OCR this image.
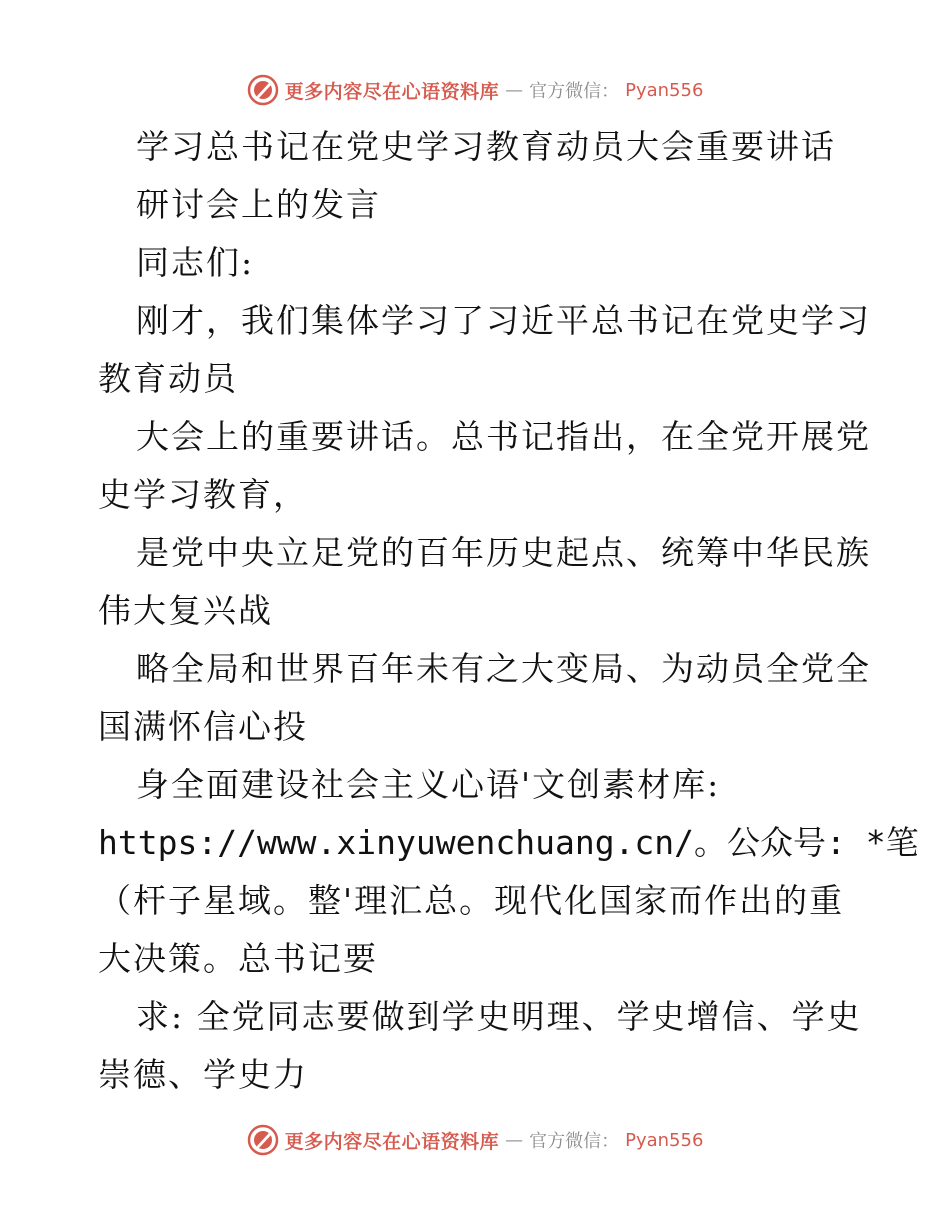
更多内容尽在心语资料库 — 官方微信： Pyan556
学习总书记在党史学习教育动员大会重要讲话
研讨会上的发言
同志们:
刚才，我们集体学习了习近平总书记在党史学习
教育动员
大会上的重要讲话。总书记指出，在全党开展党
史学习教育，
是党中央立足党的百年历史起点、统筹中华民族
伟大复兴战
略全局和世界百年未有之大变局、为动员全党全
国满怀信心投
身全面建设社会主义心语'文创素材库:
https://www.xinyuwenchuang.cn/。公众号: *笔
（杆子星域。整'理汇总。现代化国家而作出的重
大决策。总书记要
求: 全党同志要做到学史明理、学史增信、学史
崇德、学史力
更多内容尽在心语资料库 — 官方微信： Pyan556
